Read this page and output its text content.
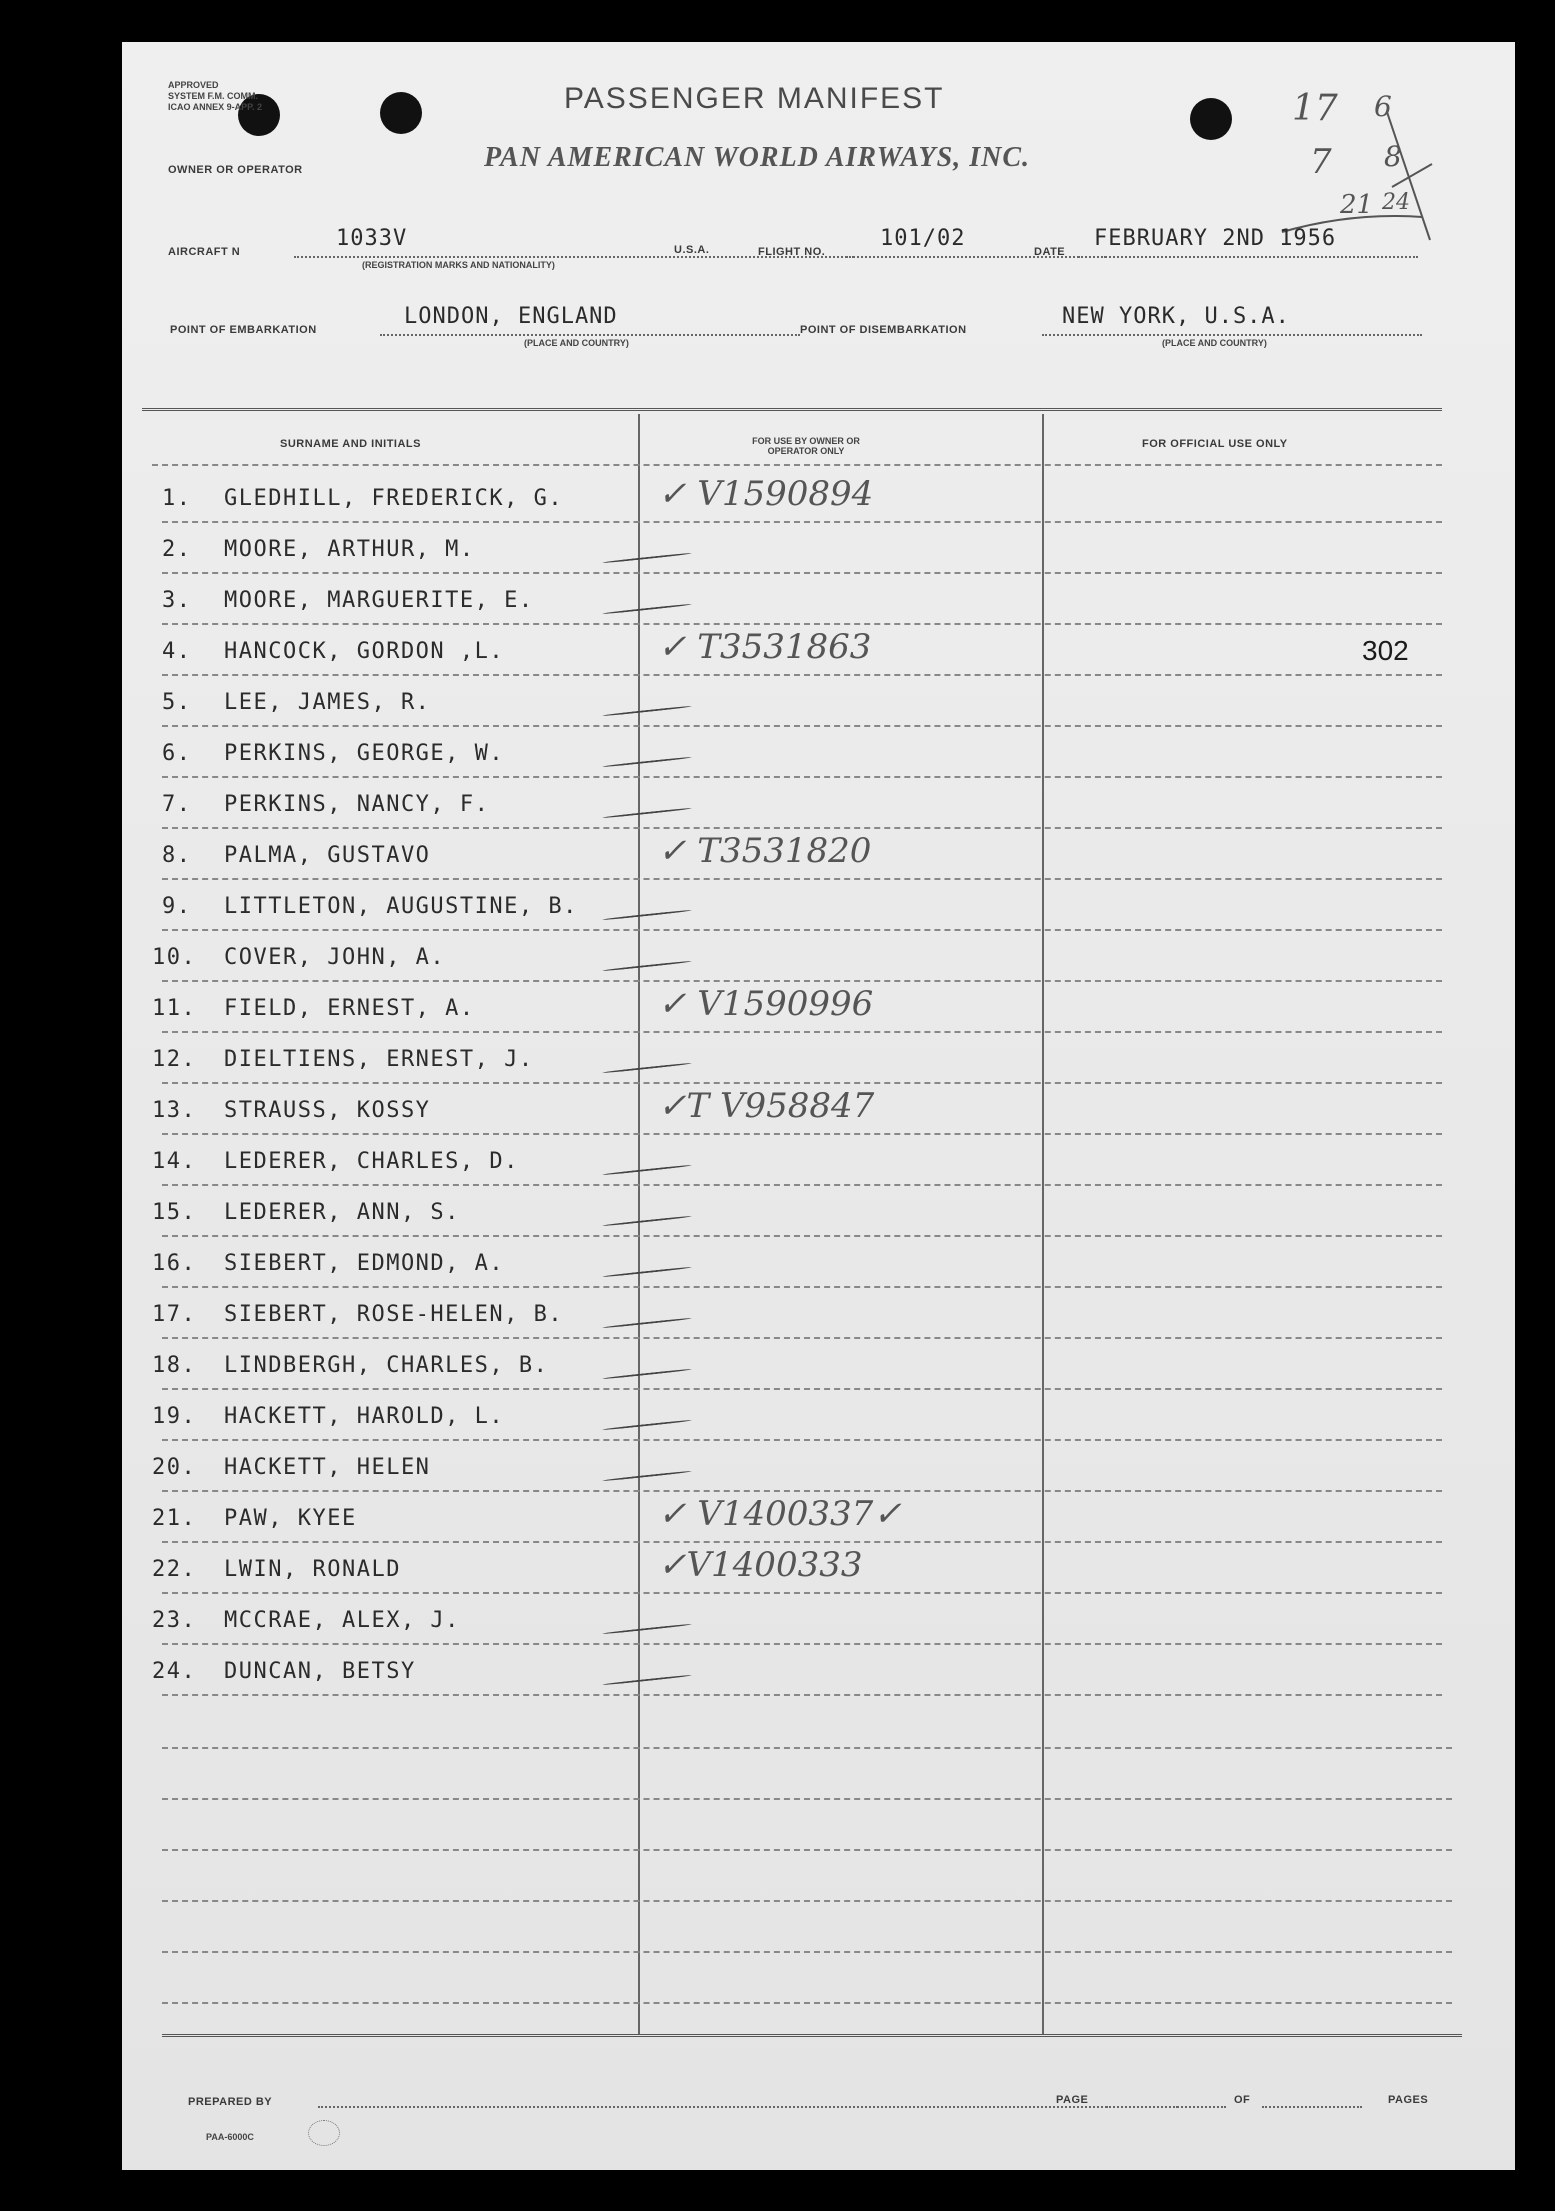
APPROVED
SYSTEM F.M. COMM.
ICAO ANNEX 9-APP. 2	PASSENGER MANIFEST
OWNER OR OPERATOR	PAN AMERICAN WORLD AIRWAYS, INC.
17 6
7 8
21 24
AIRCRAFT N
1033V
(REGISTRATION MARKS AND NATIONALITY)
U.S.A.	FLIGHT NO.
101/02
DATE
FEBRUARY 2ND 1956
POINT OF EMBARKATION
LONDON, ENGLAND
(PLACE AND COUNTRY)
POINT OF DISEMBARKATION
NEW YORK, U.S.A.
(PLACE AND COUNTRY)
SURNAME AND INITIALS	FOR USE BY OWNER OR OPERATOR ONLY
FOR OFFICIAL USE ONLY
1. GLEDHILL, FREDERICK, G.	✓ V1590894
2. MOORE, ARTHUR, M.
3. MOORE, MARGUERITE, E.
4. HANCOCK, GORDON ,L.	✓ T3531863	302
5. LEE, JAMES, R.
6. PERKINS, GEORGE, W.
7. PERKINS, NANCY, F.
8. PALMA, GUSTAVO	✓ T3531820
9. LITTLETON, AUGUSTINE, B.
10. COVER, JOHN, A.
11. FIELD, ERNEST, A.	✓ V1590996
12. DIELTIENS, ERNEST, J.
13. STRAUSS, KOSSY	✓T V958847
14. LEDERER, CHARLES, D.
15. LEDERER, ANN, S.
16. SIEBERT, EDMOND, A.
17. SIEBERT, ROSE-HELEN, B.
18. LINDBERGH, CHARLES, B.
19. HACKETT, HAROLD, L.
20. HACKETT, HELEN
21. PAW, KYEE	✓ V1400337✓
22. LWIN, RONALD	✓V1400333
23. MCCRAE, ALEX, J.
24. DUNCAN, BETSY
PREPARED BY	PAGE	OF	PAGES
PAA-6000C
